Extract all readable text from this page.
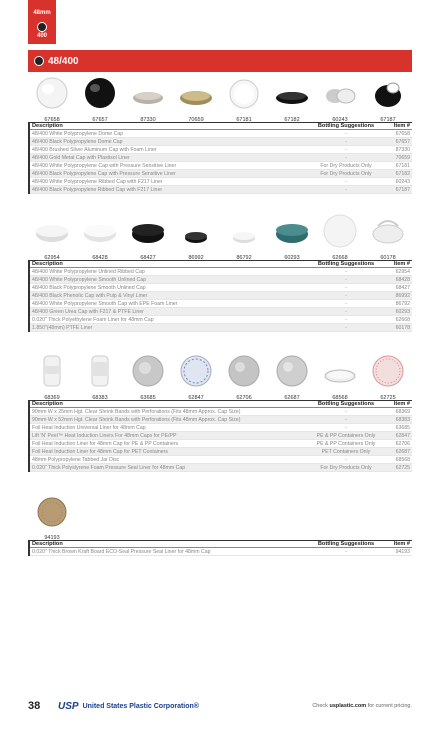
48mm
400
48/400
67658	67657	87330	70659	67181	67182	60243	67187
Description	Bottling Suggestions	Item #
48/400 White Polypropylene Dome Cap	-	67658
48/400 Black Polypropylene Dome Cap	-	67657
48/400 Brushed Silver Aluminum Cap with Foam Liner	-	87330
48/400 Gold Metal Cap with Plastisol Liner	-	70659
48/400 White Polypropylene Cap with Pressure Sensitive Liner	For Dry Products Only	67181
48/400 Black Polypropylene Cap with Pressure Sensitive Liner	For Dry Products Only	67182
48/400 White Polypropylene Ribbed Cap with F217 Liner	-	60243
48/400 Black Polypropylene Ribbed Cap with F217 Liner	-	67187
62954	68428	68427	86992	86792	60293	62668	60178
Description	Bottling Suggestions	Item #
48/400 White Polypropylene Unlined Ribbed Cap	-	62954
48/400 White Polypropylene Smooth Unlined Cap	-	68428
48/400 Black Polypropylene Smooth Unlined Cap	-	68427
48/400 Black Phenolic Cap with Pulp & Vinyl Liner	-	86992
48/400 White Polypropylene Smooth Cap with EPE Foam Liner	-	86792
48/400 Green Urea Cap with F217 & PTFE Liner	-	60293
0.020" Thick Polyethylene Foam Liner for 48mm Cap	-	62668
1.850"(48mm) PTFE Liner	-	60178
68369	68383	63685	62847	62706	62687	68568	62725
Description	Bottling Suggestions	Item #
90mm W x 25mm Hgt. Clear Shrink Bands with Perforations (Fits 48mm Approx. Cap Size)	-	68369
90mm W x 52mm Hgt. Clear Shrink Bands with Perforations (Fits 48mm Approx. Cap Size)	-	68383
Foil Heat Induction Universal Liner for 48mm Cap	-	63685
Lift 'N' Peel™ Heat Induction Liners For 48mm Caps for PE/PP	PE & PP Containers Only	62847
Foil Heat Induction Liner for 48mm Cap for PE & PP Containers	PE & PP Containers Only	62706
Foil Heat Induction Liner for 48mm Cap for PET Containers	PET Containers Only	62687
48mm Polypropylene Tabbed Jar Disc	-	68568
0.020" Thick Polystyrene Foam Pressure Seal Liner for 48mm Cap	For Dry Products Only	62725
94193
Description	Bottling Suggestions	Item #
0.020" Thick Brown Kraft Board ECO-Seal Pressure Seal Liner for 48mm Cap	-	94193
38	USP United States Plastic Corporation®	Check usplastic.com for current pricing.
